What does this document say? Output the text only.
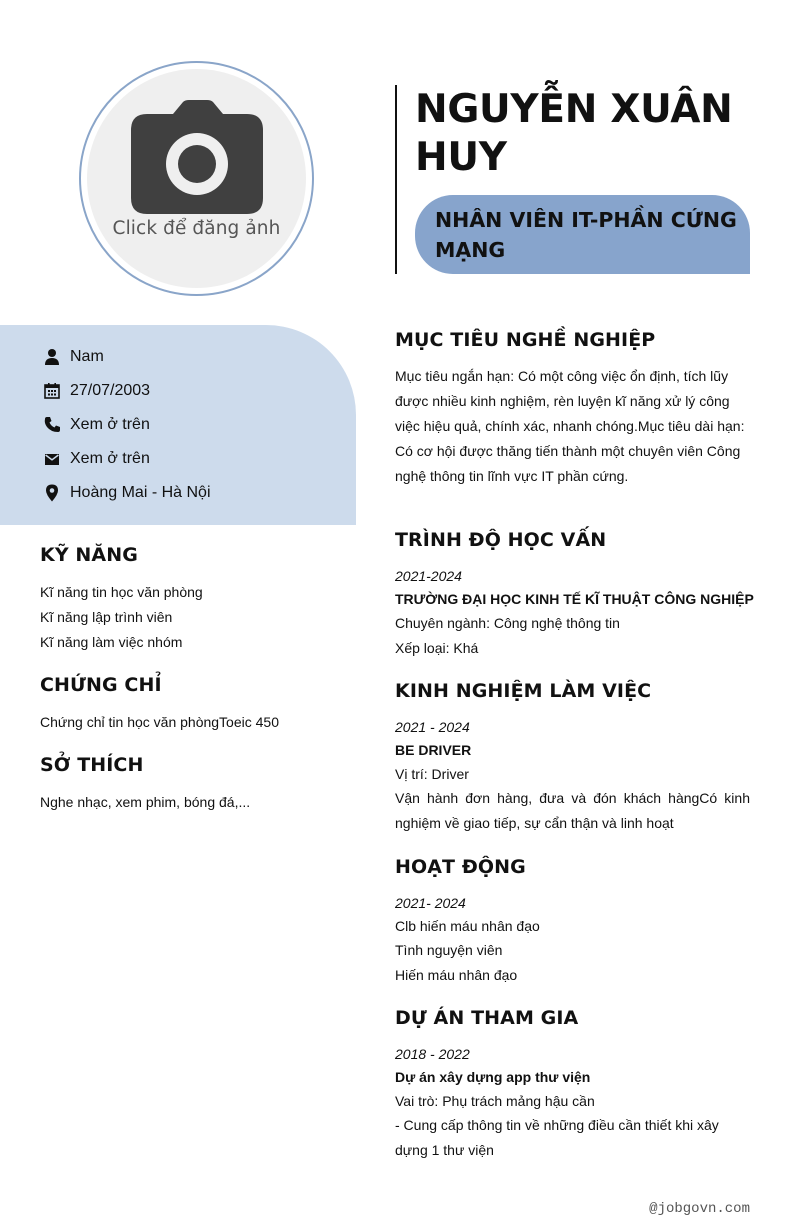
Click để đăng ảnh
NGUYỄN XUÂN
HUY
NHÂN VIÊN IT-PHẦN CỨNG MẠNG
Nam
27/07/2003
Xem ở trên
Xem ở trên
Hoàng Mai - Hà Nội
KỸ NĂNG
Kĩ năng tin học văn phòng
Kĩ năng lập trình viên
Kĩ năng làm việc nhóm
CHỨNG CHỈ
Chứng chỉ tin học văn phòngToeic 450
SỞ THÍCH
Nghe nhạc, xem phim, bóng đá,...
MỤC TIÊU NGHỀ NGHIỆP
Mục tiêu ngắn hạn: Có một công việc ổn định, tích lũy được nhiều kinh nghiệm, rèn luyện kĩ năng xử lý công việc hiệu quả, chính xác, nhanh chóng.Mục tiêu dài hạn: Có cơ hội được thăng tiến thành một chuyên viên Công nghệ thông tin lĩnh vực IT phần cứng.
TRÌNH ĐỘ HỌC VẤN
2021-2024
TRƯỜNG ĐẠI HỌC KINH TẾ KĨ THUẬT CÔNG NGHIỆP
Chuyên ngành: Công nghệ thông tin
Xếp loại: Khá
KINH NGHIỆM LÀM VIỆC
2021 - 2024
BE DRIVER
Vị trí: Driver
Vận hành đơn hàng, đưa và đón khách hàngCó kinh nghiệm về giao tiếp, sự cẩn thận và linh hoạt
HOẠT ĐỘNG
2021- 2024
Clb hiến máu nhân đạo
Tình nguyện viên
Hiến máu nhân đạo
DỰ ÁN THAM GIA
2018 - 2022
Dự án xây dựng app thư viện
Vai trò: Phụ trách mảng hậu cần
- Cung cấp thông tin về những điều cần thiết khi xây dựng 1 thư viện
@jobgovn.com
